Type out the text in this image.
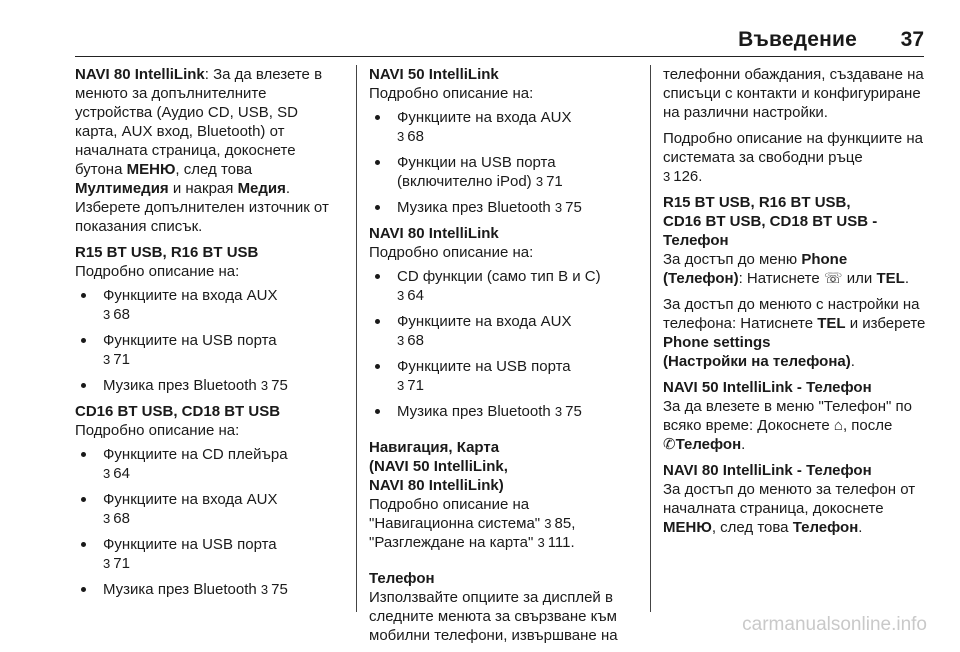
Въведение 37

NAVI 80 IntelliLink: За да влезете в менюто за допълнителните устройства (Аудио CD, USB, SD карта, AUX вход, Bluetooth) от началната страница, докоснете бутона МЕНЮ, след това Мултимедия и накрая Медия. Изберете допълнителен източник от показания списък.

R15 BT USB, R16 BT USB

Подробно описание на:

Функциите на входа AUX
3 68
Функциите на USB порта
3 71
Музика през Bluetooth 3 75

CD16 BT USB, CD18 BT USB

Подробно описание на:

Функциите на CD плейъра
3 64
Функциите на входа AUX
3 68
Функциите на USB порта
3 71
Музика през Bluetooth 3 75

NAVI 50 IntelliLink

Подробно описание на:

Функциите на входа AUX
3 68
Функции на USB порта (включително iPod) 3 71
Музика през Bluetooth 3 75

NAVI 80 IntelliLink

Подробно описание на:

CD функции (само тип B и C)
3 64
Функциите на входа AUX
3 68
Функциите на USB порта
3 71
Музика през Bluetooth 3 75

Навигация, Карта
(NAVI 50 IntelliLink,
NAVI 80 IntelliLink)

Подробно описание на
"Навигационна система" 3 85,
"Разглеждане на карта" 3 111.

Телефон

Използвайте опциите за дисплей в следните менюта за свързване към мобилни телефони, извършване на

телефонни обаждания, създаване на списъци с контакти и конфигуриране на различни настройки.

Подробно описание на функциите на системата за свободни ръце
3 126.

R15 BT USB, R16 BT USB,
CD16 BT USB, CD18 BT USB -
Телефон

За достъп до меню Phone
(Телефон): Натиснете ☏ или TEL.

За достъп до менюто с настройки на телефона: Натиснете TEL и изберете Phone settings
(Настройки на телефона).

NAVI 50 IntelliLink - Телефон

За да влезете в меню "Телефон" по всяко време: Докоснете ⌂, после
✆Телефон.

NAVI 80 IntelliLink - Телефон

За достъп до менюто за телефон от началната страница, докоснете МЕНЮ, след това Телефон.

carmanualsonline.info
